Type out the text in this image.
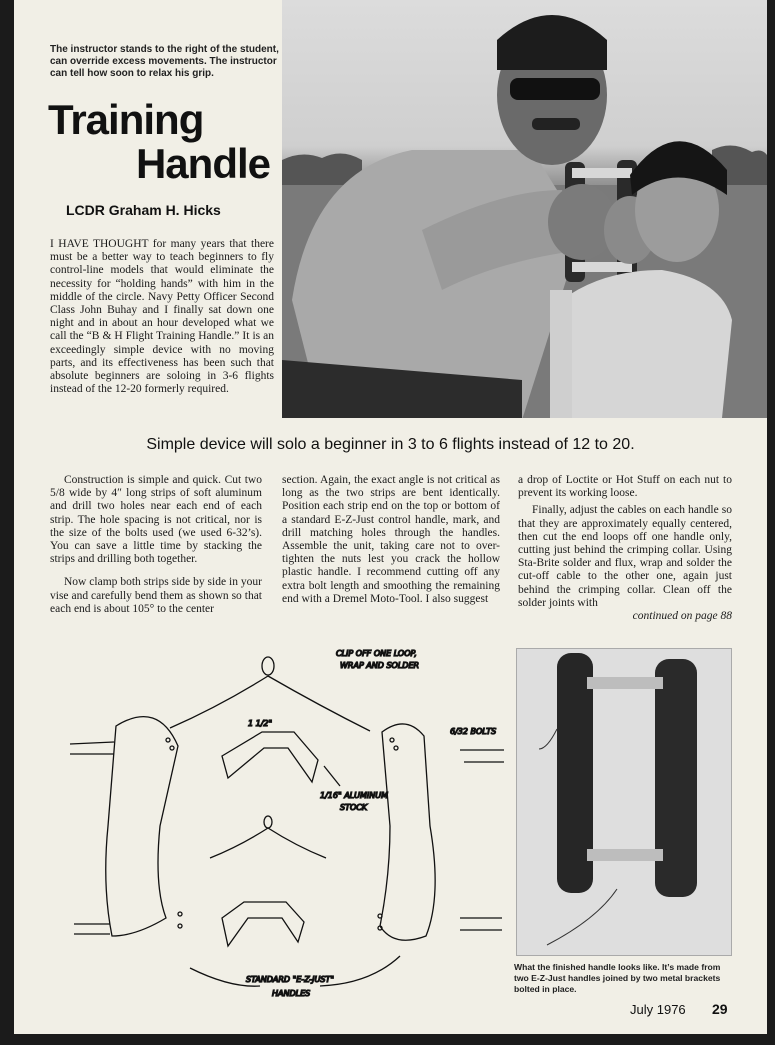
The instructor stands to the right of the student, can override excess movements. The instructor can tell how soon to relax his grip.
Training
Handle
LCDR Graham H. Hicks
I HAVE THOUGHT for many years that there must be a better way to teach beginners to fly control-line models that would eliminate the necessity for “holding hands” with him in the middle of the circle. Navy Petty Officer Second Class John Buhay and I finally sat down one night and in about an hour developed what we call the “B & H Flight Training Handle.” It is an exceedingly simple device with no moving parts, and its effectiveness has been such that absolute beginners are soloing in 3-6 flights instead of the 12-20 formerly required.
Simple device will solo a beginner in 3 to 6 flights instead of 12 to 20.

Construction is simple and quick. Cut two 5/8 wide by 4″ long strips of soft aluminum and drill two holes near each end of each strip. The hole spacing is not critical, nor is the size of the bolts used (we used 6-32’s). You can save a little time by stacking the strips and drilling both together.

Now clamp both strips side by side in your vise and carefully bend them as shown so that each end is about 105° to the center

section. Again, the exact angle is not critical as long as the two strips are bent identically. Position each strip end on the top or bottom of a standard E-Z-Just control handle, mark, and drill matching holes through the handles. Assemble the unit, taking care not to over-tighten the nuts lest you crack the hollow plastic handle. I recommend cutting off any extra bolt length and smoothing the remaining end with a Dremel Moto-Tool. I also suggest

a drop of Loctite or Hot Stuff on each nut to prevent its working loose.

Finally, adjust the cables on each handle so that they are approximately equally centered, then cut the end loops off one handle only, cutting just behind the crimping collar. Using Sta-Brite solder and flux, wrap and solder the cut-off cable to the other one, again just behind the crimping collar. Clean off the solder joints with

continued on page 88

CLIP OFF ONE LOOP,
WRAP AND SOLDER
1 1/2"
1/16" ALUMINUM
STOCK
6/32 BOLTS
STANDARD "E-Z-JUST"
HANDLES
What the finished handle looks like. It’s made from two E-Z-Just handles joined by two metal brackets bolted in place.
July 1976 29
